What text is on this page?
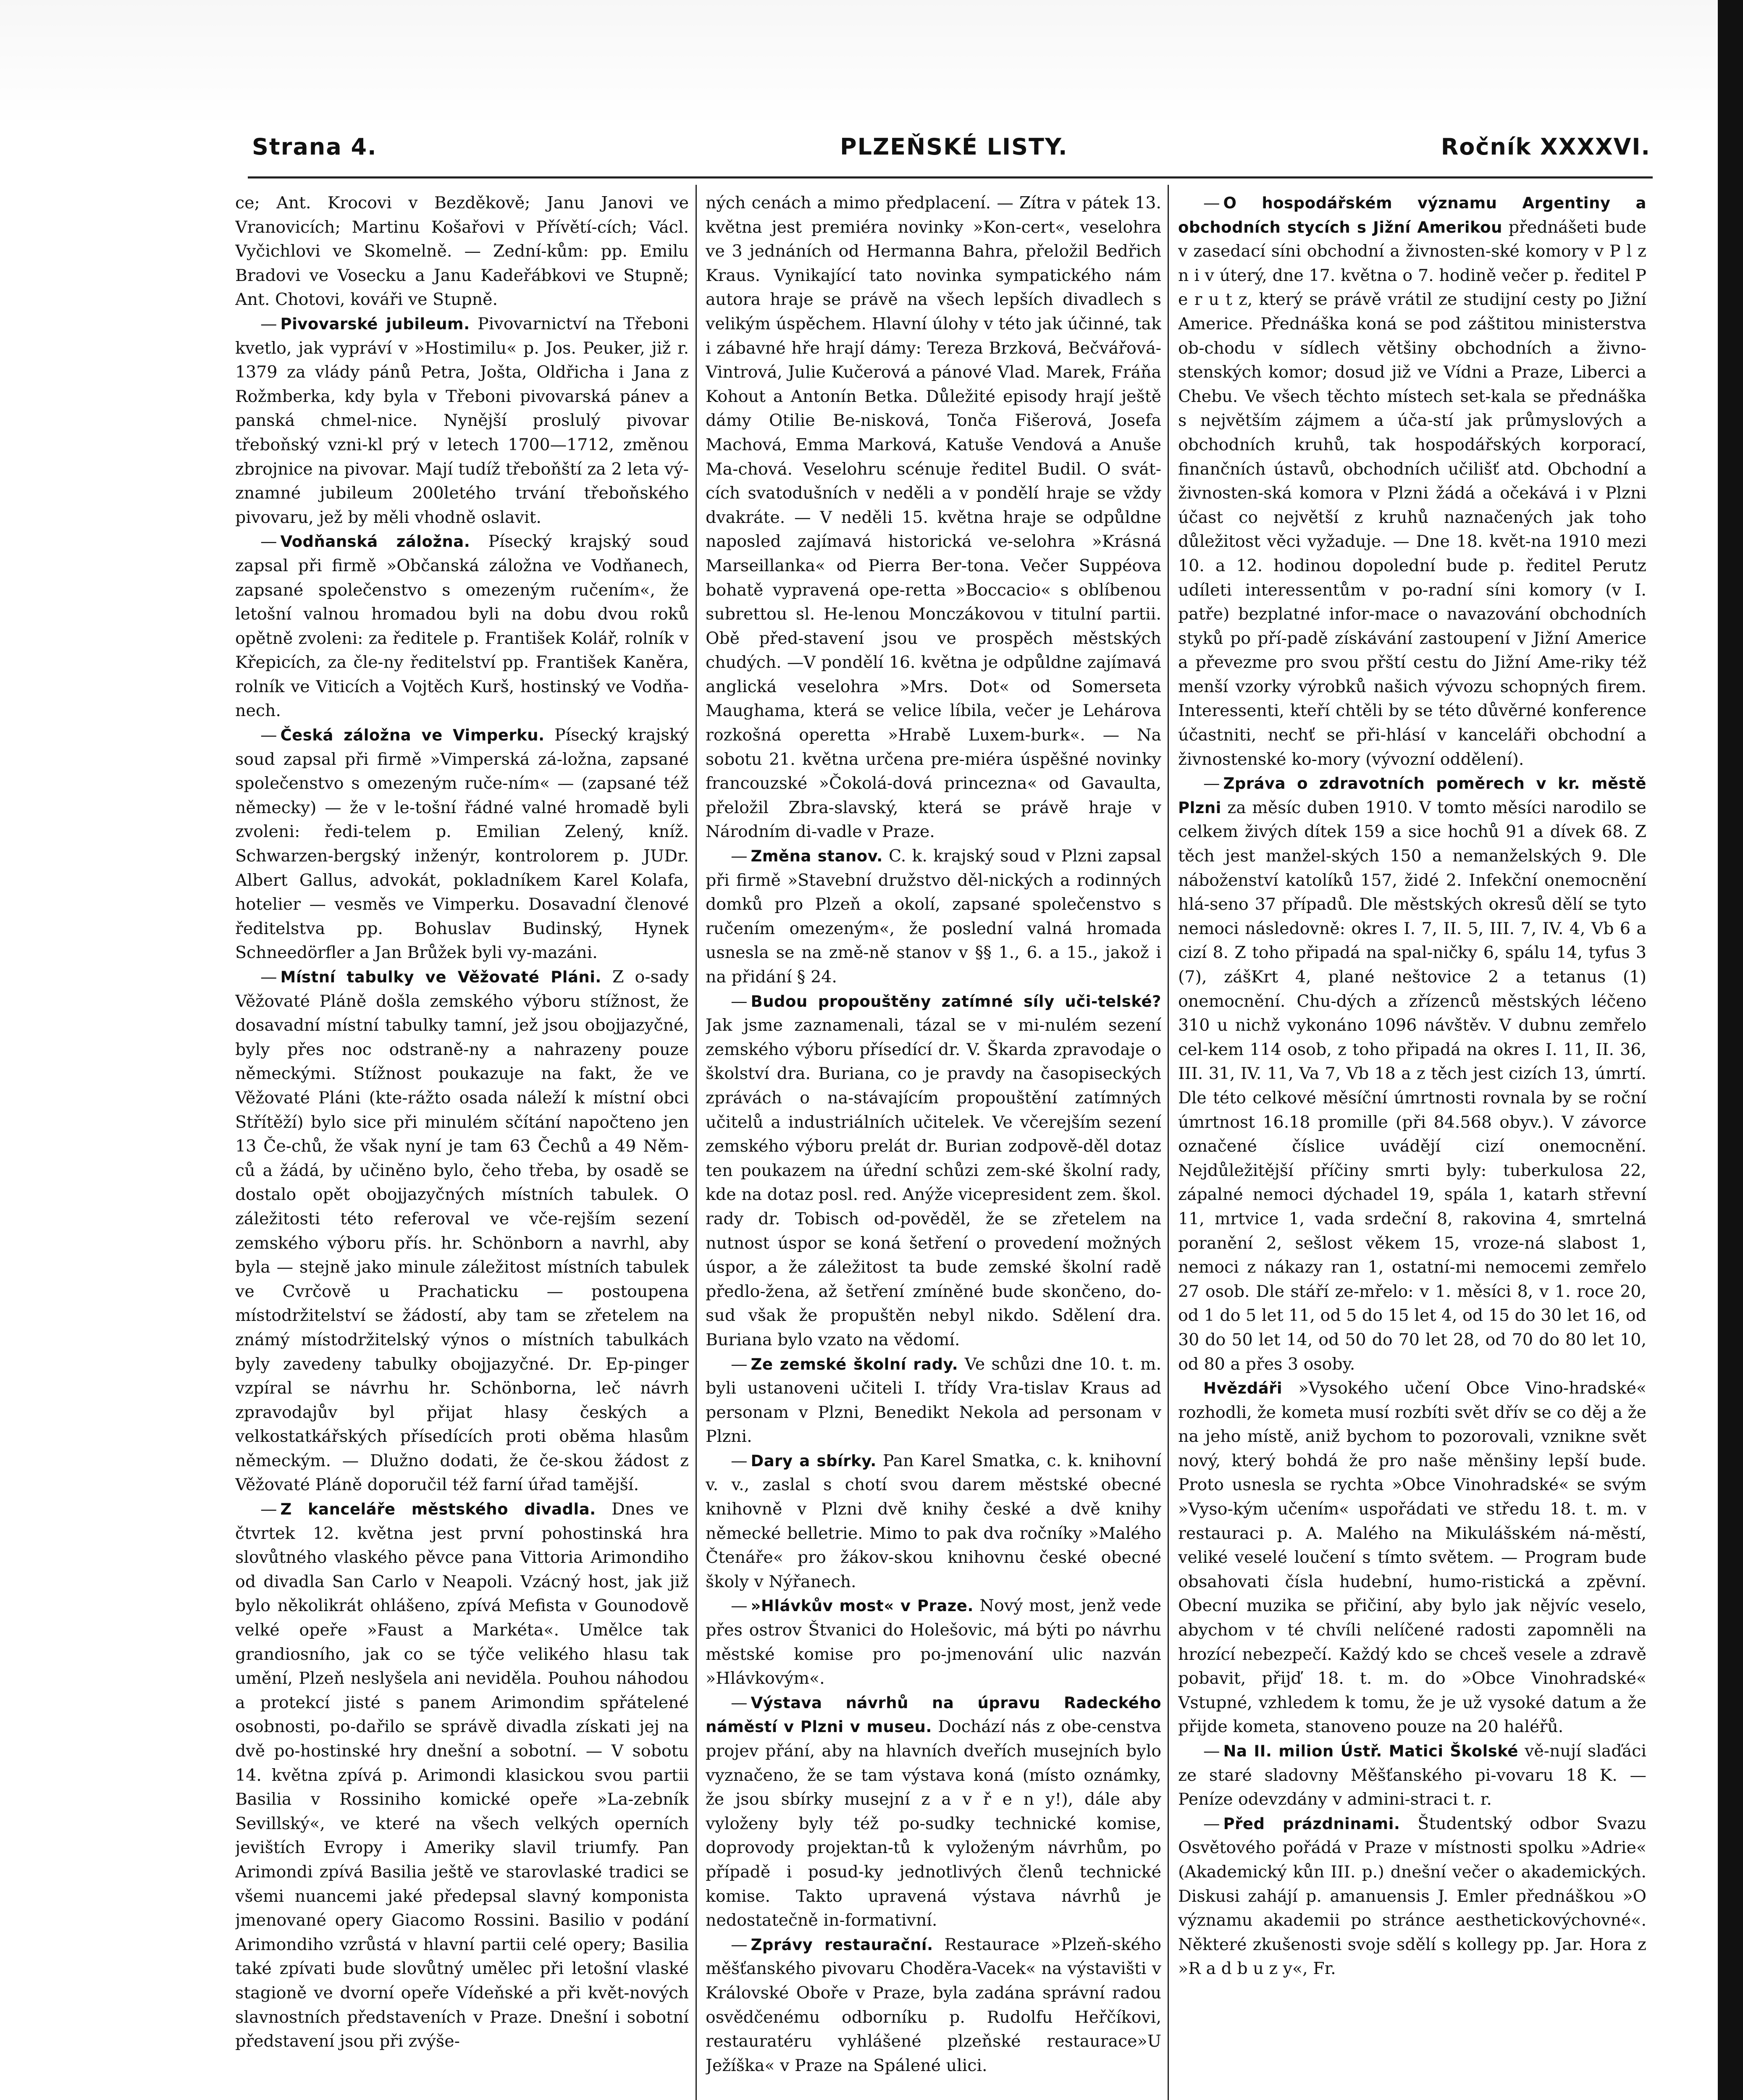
Strana 4.	PLZEŇSKÉ LISTY.	Ročník XXXXVI.

ce; Ant. Krocovi v Bezděkově; Janu Janovi ve Vranovicích; Martinu Košařovi v Přívětí-cích; Václ. Vyčichlovi ve Skomelně. — Zední-kům: pp. Emilu Bradovi ve Vosecku a Janu Kadeřábkovi ve Stupně; Ant. Chotovi, kováři ve Stupně.

— Pivovarské jubileum. Pivovarnictví na Třeboni kvetlo, jak vypráví v »Hostimilu« p. Jos. Peuker, již r. 1379 za vlády pánů Petra, Jošta, Oldřicha i Jana z Rožmberka, kdy byla v Třeboni pivovarská pánev a panská chmel-nice. Nynější proslulý pivovar třeboňský vzni-kl prý v letech 1700—1712, změnou zbrojnice na pivovar. Mají tudíž třeboňští za 2 leta vý-znamné jubileum 200letého trvání třeboňského pivovaru, jež by měli vhodně oslavit.

— Vodňanská záložna. Písecký krajský soud zapsal při firmě »Občanská záložna ve Vodňanech, zapsané společenstvo s omezeným ručením«, že letošní valnou hromadou byli na dobu dvou roků opětně zvoleni: za ředitele p. František Kolář, rolník v Křepicích, za čle-ny ředitelství pp. František Kaněra, rolník ve Viticích a Vojtěch Kurš, hostinský ve Vodňa-nech.

— Česká záložna ve Vimperku. Písecký krajský soud zapsal při firmě »Vimperská zá-ložna, zapsané společenstvo s omezeným ruče-ním« — (zapsané též německy) — že v le-tošní řádné valné hromadě byli zvoleni: ředi-telem p. Emilian Zelený, kníž. Schwarzen-bergský inženýr, kontrolorem p. JUDr. Albert Gallus, advokát, pokladníkem Karel Kolafa, hotelier — vesměs ve Vimperku. Dosavadní členové ředitelstva pp. Bohuslav Budinský, Hynek Schneedörfler a Jan Brůžek byli vy-mazáni.

— Místní tabulky ve Věžovaté Pláni. Z o-sady Věžovaté Pláně došla zemského výboru stížnost, že dosavadní místní tabulky tamní, jež jsou obojjazyčné, byly přes noc odstraně-ny a nahrazeny pouze německými. Stížnost poukazuje na fakt, že ve Věžovaté Pláni (kte-rážto osada náleží k místní obci Střítěží) bylo sice při minulém sčítání napočteno jen 13 Če-chů, že však nyní je tam 63 Čechů a 49 Něm-ců a žádá, by učiněno bylo, čeho třeba, by osadě se dostalo opět obojjazyčných místních tabulek. O záležitosti této referoval ve vče-rejším sezení zemského výboru přís. hr. Schönborn a navrhl, aby byla — stejně jako minule záležitost místních tabulek ve Cvrčově u Prachaticku — postoupena místodržitelství se žádostí, aby tam se zřetelem na známý místodržitelský výnos o místních tabulkách byly zavedeny tabulky obojjazyčné. Dr. Ep-pinger vzpíral se návrhu hr. Schönborna, leč návrh zpravodajův byl přijat hlasy českých a velkostatkářských přísedících proti oběma hlasům německým. — Dlužno dodati, že če-skou žádost z Věžovaté Pláně doporučil též farní úřad tamější.

— Z kanceláře městského divadla. Dnes ve čtvrtek 12. května jest první pohostinská hra slovůtného vlaského pěvce pana Vittoria Arimondiho od divadla San Carlo v Neapoli. Vzácný host, jak již bylo několikrát ohlášeno, zpívá Mefista v Gounodově velké opeře »Faust a Markéta«. Umělce tak grandiosního, jak co se týče velikého hlasu tak umění, Plzeň neslyšela ani neviděla. Pouhou náhodou a protekcí jisté s panem Arimondim spřátelené osobnosti, po-dařilo se správě divadla získati jej na dvě po-hostinské hry dnešní a sobotní. — V sobotu 14. května zpívá p. Arimondi klasickou svou partii Basilia v Rossiniho komické opeře »La-zebník Sevillský«, ve které na všech velkých operních jevištích Evropy i Ameriky slavil triumfy. Pan Arimondi zpívá Basilia ještě ve starovlaské tradici se všemi nuancemi jaké předepsal slavný komponista jmenované opery Giacomo Rossini. Basilio v podání Arimondiho vzrůstá v hlavní partii celé opery; Basilia také zpívati bude slovůtný umělec při letošní vlaské stagioně ve dvorní opeře Vídeňské a při květ-nových slavnostních představeních v Praze. Dnešní i sobotní představení jsou při zvýše-

ných cenách a mimo předplacení. — Zítra v pátek 13. května jest premiéra novinky »Kon-cert«, veselohra ve 3 jednáních od Hermanna Bahra, přeložil Bedřich Kraus. Vynikající tato novinka sympatického nám autora hraje se právě na všech lepších divadlech s velikým úspěchem. Hlavní úlohy v této jak účinné, tak i zábavné hře hrají dámy: Tereza Brzková, Bečvářová-Vintrová, Julie Kučerová a pánové Vlad. Marek, Fráňa Kohout a Antonín Betka. Důležité episody hrají ještě dámy Otilie Be-nisková, Tonča Fišerová, Josefa Machová, Emma Marková, Katuše Vendová a Anuše Ma-chová. Veselohru scénuje ředitel Budil. O svát-cích svatodušních v neděli a v pondělí hraje se vždy dvakráte. — V neděli 15. května hraje se odpůldne naposled zajímavá historická ve-selohra »Krásná Marseillanka« od Pierra Ber-tona. Večer Suppéova bohatě vypravená ope-retta »Boccacio« s oblíbenou subrettou sl. He-lenou Monczákovou v titulní partii. Obě před-stavení jsou ve prospěch městských chudých. —V pondělí 16. května je odpůldne zajímavá anglická veselohra »Mrs. Dot« od Somerseta Maughama, která se velice líbila, večer je Lehárova rozkošná operetta »Hrabě Luxem-burk«. — Na sobotu 21. května určena pre-miéra úspěšné novinky francouzské »Čokolá-dová princezna« od Gavaulta, přeložil Zbra-slavský, která se právě hraje v Národním di-vadle v Praze.

— Změna stanov. C. k. krajský soud v Plzni zapsal při firmě »Stavební družstvo děl-nických a rodinných domků pro Plzeň a okolí, zapsané společenstvo s ručením omezeným«, že poslední valná hromada usnesla se na změ-ně stanov v §§ 1., 6. a 15., jakož i na přidání § 24.

— Budou propouštěny zatímné síly uči-telské? Jak jsme zaznamenali, tázal se v mi-nulém sezení zemského výboru přísedící dr. V. Škarda zpravodaje o školství dra. Buriana, co je pravdy na časopiseckých zprávách o na-stávajícím propouštění zatímných učitelů a industriálních učitelek. Ve včerejším sezení zemského výboru prelát dr. Burian zodpově-děl dotaz ten poukazem na úřední schůzi zem-ské školní rady, kde na dotaz posl. red. Anýže vicepresident zem. škol. rady dr. Tobisch od-pověděl, že se zřetelem na nutnost úspor se koná šetření o provedení možných úspor, a že záležitost ta bude zemské školní radě předlo-žena, až šetření zmíněné bude skončeno, do-sud však že propuštěn nebyl nikdo. Sdělení dra. Buriana bylo vzato na vědomí.

— Ze zemské školní rady. Ve schůzi dne 10. t. m. byli ustanoveni učiteli I. třídy Vra-tislav Kraus ad personam v Plzni, Benedikt Nekola ad personam v Plzni.

— Dary a sbírky. Pan Karel Smatka, c. k. knihovní v. v., zaslal s chotí svou darem městské obecné knihovně v Plzni dvě knihy české a dvě knihy německé belletrie. Mimo to pak dva ročníky »Malého Čtenáře« pro žákov-skou knihovnu české obecné školy v Nýřanech.

— »Hlávkův most« v Praze. Nový most, jenž vede přes ostrov Štvanici do Holešovic, má býti po návrhu městské komise pro po-jmenování ulic nazván »Hlávkovým«.

— Výstava návrhů na úpravu Radeckého náměstí v Plzni v museu. Dochází nás z obe-censtva projev přání, aby na hlavních dveřích musejních bylo vyznačeno, že se tam výstava koná (místo oznámky, že jsou sbírky musejní z a v ř e n y!), dále aby vyloženy byly též po-sudky technické komise, doprovody projektan-tů k vyloženým návrhům, po případě i posud-ky jednotlivých členů technické komise. Takto upravená výstava návrhů je nedostatečně in-formativní.

— Zprávy restaurační. Restaurace »Plzeň-ského měšťanského pivovaru Choděra-Vacek« na výstavišti v Královské Oboře v Praze, byla zadána správní radou osvědčenému odborníku p. Rudolfu Heřčíkovi, restauratéru vyhlášené plzeňské restaurace»U Ježíška« v Praze na Spálené ulici.

— O hospodářském významu Argentiny a obchodních stycích s Jižní Amerikou přednášeti bude v zasedací síni obchodní a živnosten-ské komory v P l z n i v úterý, dne 17. května o 7. hodině večer p. ředitel P e r u t z, který se právě vrátil ze studijní cesty po Jižní Americe. Přednáška koná se pod záštitou ministerstva ob-chodu v sídlech většiny obchodních a živno-stenských komor; dosud již ve Vídni a Praze, Liberci a Chebu. Ve všech těchto místech set-kala se přednáška s největším zájmem a úča-stí jak průmyslových a obchodních kruhů, tak hospodářských korporací, finančních ústavů, obchodních učilišť atd. Obchodní a živnosten-ská komora v Plzni žádá a očekává i v Plzni účast co největší z kruhů naznačených jak toho důležitost věci vyžaduje. — Dne 18. květ-na 1910 mezi 10. a 12. hodinou dopolední bude p. ředitel Perutz udíleti interessentům v po-radní síni komory (v I. patře) bezplatné infor-mace o navazování obchodních styků po pří-padě získávání zastoupení v Jižní Americe a převezme pro svou přští cestu do Jižní Ame-riky též menší vzorky výrobků našich vývozu schopných firem. Interessenti, kteří chtěli by se této důvěrné konference účastniti, nechť se při-hlásí v kanceláři obchodní a živnostenské ko-mory (vývozní oddělení).

— Zpráva o zdravotních poměrech v kr. městě Plzni za měsíc duben 1910. V tomto měsíci narodilo se celkem živých dítek 159 a sice hochů 91 a dívek 68. Z těch jest manžel-ských 150 a nemanželských 9. Dle náboženství katolíků 157, židé 2. Infekční onemocnění hlá-seno 37 případů. Dle městských okresů dělí se tyto nemoci následovně: okres I. 7, II. 5, III. 7, IV. 4, Vb 6 a cizí 8. Z toho připadá na spal-ničky 6, spálu 14, tyfus 3 (7), zášKrt 4, plané neštovice 2 a tetanus (1) onemocnění. Chu-dých a zřízenců městských léčeno 310 u nichž vykonáno 1096 návštěv. V dubnu zemřelo cel-kem 114 osob, z toho připadá na okres I. 11, II. 36, III. 31, IV. 11, Va 7, Vb 18 a z těch jest cizích 13, úmrtí. Dle této celkové měsíční úmrtnosti rovnala by se roční úmrtnost 16.18 promille (při 84.568 obyv.). V závorce označené číslice uvádějí cizí onemocnění. Nejdůležitější příčiny smrti byly: tuberkulosa 22, zápalné nemoci dýchadel 19, spála 1, katarh střevní 11, mrtvice 1, vada srdeční 8, rakovina 4, smrtelná poranění 2, sešlost věkem 15, vroze-ná slabost 1, nemoci z nákazy ran 1, ostatní-mi nemocemi zemřelo 27 osob. Dle stáří ze-mřelo: v 1. měsíci 8, v 1. roce 20, od 1 do 5 let 11, od 5 do 15 let 4, od 15 do 30 let 16, od 30 do 50 let 14, od 50 do 70 let 28, od 70 do 80 let 10, od 80 a přes 3 osoby.

Hvězdáři »Vysokého učení Obce Vino-hradské« rozhodli, že kometa musí rozbíti svět dřív se co děj a že na jeho místě, aniž bychom to pozorovali, vznikne svět nový, který bohdá že pro naše měnšiny lepší bude. Proto usnesla se rychta »Obce Vinohradské« se svým »Vyso-kým učením« uspořádati ve středu 18. t. m. v restauraci p. A. Malého na Mikulášském ná-městí, veliké veselé loučení s tímto světem. — Program bude obsahovati čísla hudební, humo-ristická a zpěvní. Obecní muzika se přičiní, aby bylo jak nějvíc veselo, abychom v té chvíli nelíčené radosti zapomněli na hrozící nebezpečí. Každý kdo se chceš vesele a zdravě pobavit, přijď 18. t. m. do »Obce Vinohradské« Vstupné, vzhledem k tomu, že je už vysoké datum a že přijde kometa, stanoveno pouze na 20 haléřů.

— Na II. milion Ústř. Matici Školské vě-nují slaďáci ze staré sladovny Měšťanského pi-vovaru 18 K. — Peníze odevzdány v admini-straci t. r.

— Před prázdninami. Študentský odbor Svazu Osvětového pořádá v Praze v místnosti spolku »Adrie« (Akademický kůn III. p.) dnešní večer o akademických. Diskusi zahájí p. amanuensis J. Emler přednáškou »O významu akademii po stránce aesthetickovýchovné«. Některé zkušenosti svoje sdělí s kollegy pp. Jar. Hora z »R a d b u z y«, Fr.
